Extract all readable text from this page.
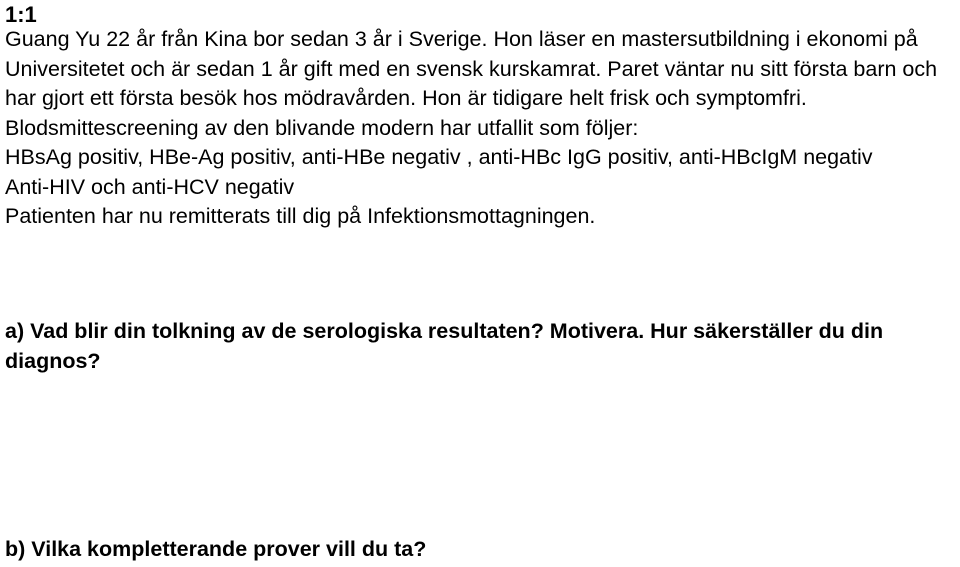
1:1

Guang Yu 22 år från Kina bor sedan 3 år i Sverige. Hon läser en mastersutbildning i ekonomi på Universitetet och är sedan 1 år gift med en svensk kurskamrat. Paret väntar nu sitt första barn och har gjort ett första besök hos mödravården. Hon är tidigare helt frisk och symptomfri. Blodsmittescreening av den blivande modern har utfallit som följer:

HBsAg positiv, HBe-Ag positiv, anti-HBe negativ , anti-HBc IgG positiv, anti-HBcIgM negativ

Anti-HIV och anti-HCV negativ

Patienten har nu remitterats till dig på Infektionsmottagningen.

a) Vad blir din tolkning av de serologiska resultaten? Motivera. Hur säkerställer du din diagnos?
b) Vilka kompletterande prover vill du ta?
